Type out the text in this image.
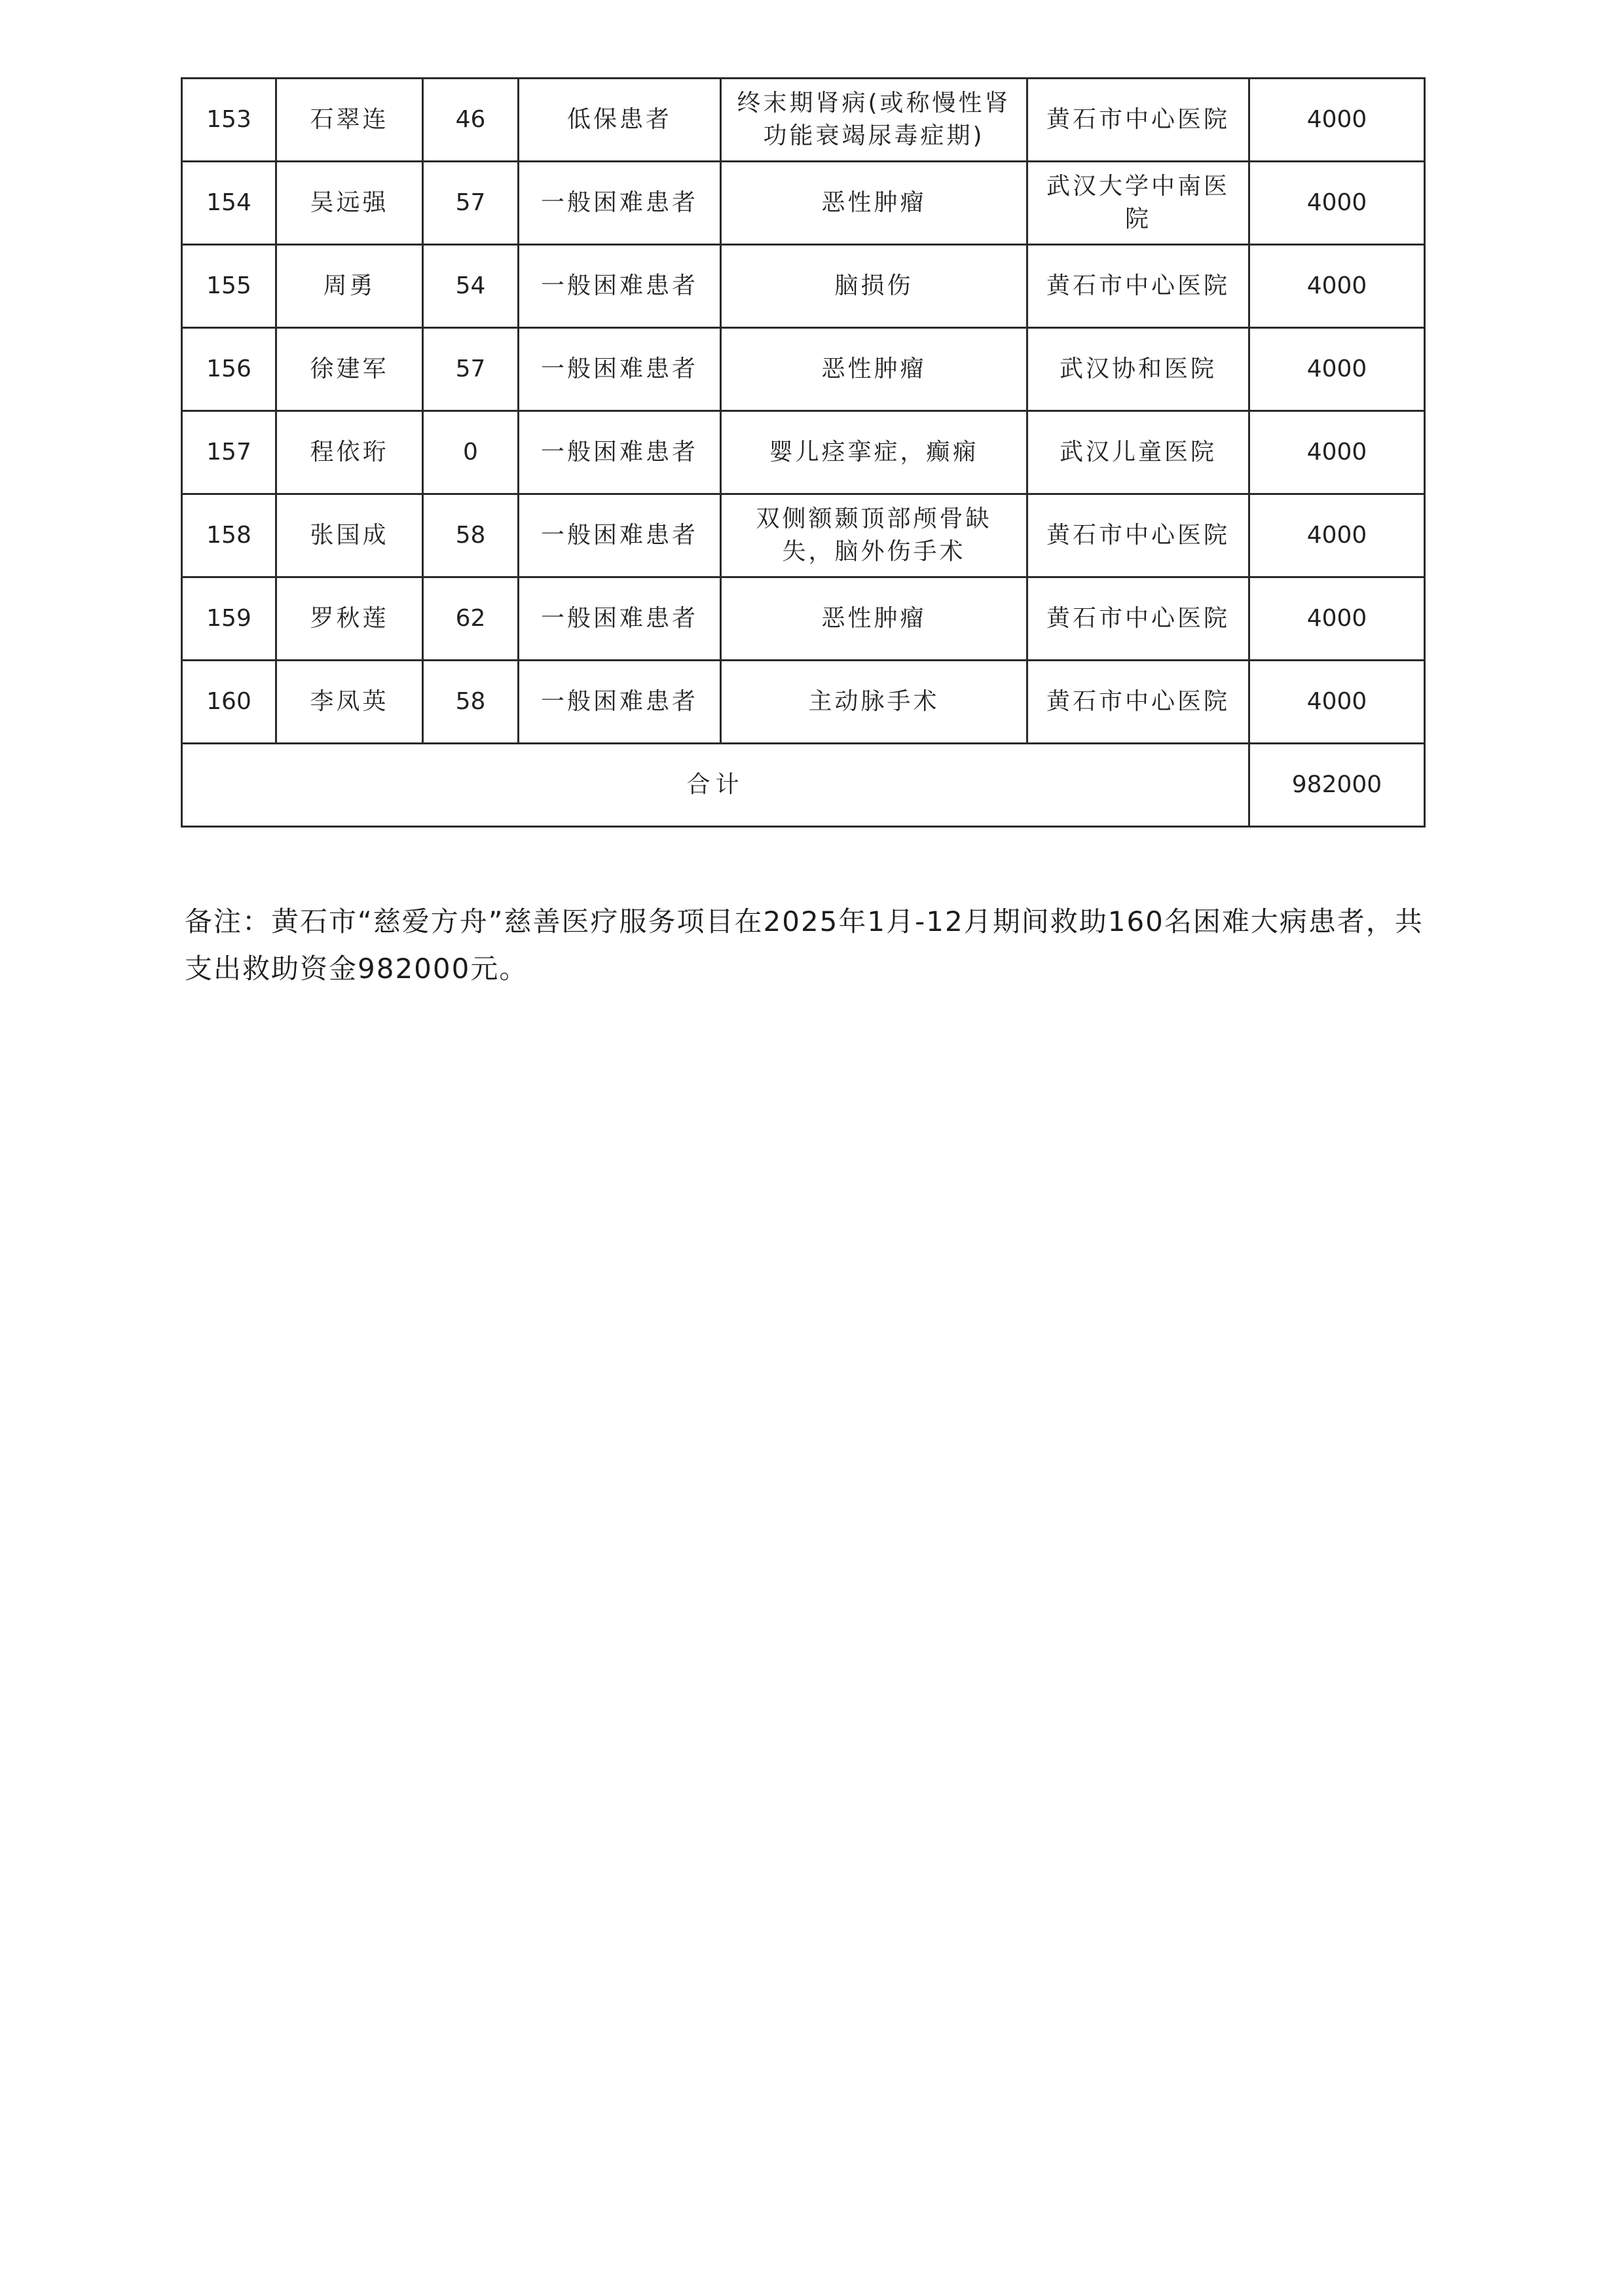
153	石翠连	46	低保患者	终末期肾病(或称慢性肾功能衰竭尿毒症期)	黄石市中心医院	4000
154	吴远强	57	一般困难患者	恶性肿瘤	武汉大学中南医院	4000
155	周勇	54	一般困难患者	脑损伤	黄石市中心医院	4000
156	徐建军	57	一般困难患者	恶性肿瘤	武汉协和医院	4000
157	程依珩	0	一般困难患者	婴儿痉挛症，癫痫	武汉儿童医院	4000
158	张国成	58	一般困难患者	双侧额颞顶部颅骨缺失，脑外伤手术	黄石市中心医院	4000
159	罗秋莲	62	一般困难患者	恶性肿瘤	黄石市中心医院	4000
160	李凤英	58	一般困难患者	主动脉手术	黄石市中心医院	4000
合计						982000
备注：黄石市“慈爱方舟”慈善医疗服务项目在2025年1月-12月期间救助160名困难大病患者，共支出救助资金982000元。
